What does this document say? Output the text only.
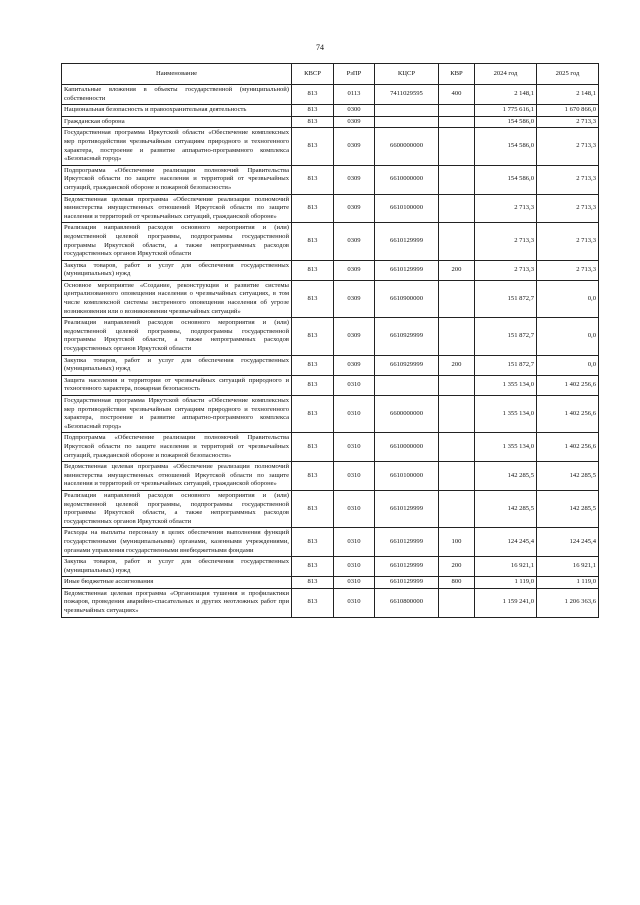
74
Наименование	КВСР	РзПР	КЦСР	КВР	2024 год	2025 год
Капитальные вложения в объекты государственной (муниципальной) собственности	813	0113	7411029595	400	2 148,1	2 148,1
Национальная безопасность и правоохранительная деятельность	813	0300			1 775 616,1	1 670 866,0
Гражданская оборона	813	0309			154 586,0	2 713,3
Государственная программа Иркутской области «Обеспечение комплексных мер противодействия чрезвычайным ситуациям природного и техногенного характера, построение и развитие аппаратно-программного комплекса «Безопасный город»	813	0309	6600000000		154 586,0	2 713,3
Подпрограмма «Обеспечение реализации полномочий Правительства Иркутской области по защите населения и территорий от чрезвычайных ситуаций, гражданской обороне и пожарной безопасности»	813	0309	6610000000		154 586,0	2 713,3
Ведомственная целевая программа «Обеспечение реализации полномочий министерства имущественных отношений Иркутской области по защите населения и территорий от чрезвычайных ситуаций, гражданской обороне»	813	0309	6610100000		2 713,3	2 713,3
Реализация направлений расходов основного мероприятия и (или) ведомственной целевой программы, подпрограммы государственной программы Иркутской области, а также непрограммных расходов государственных органов Иркутской области	813	0309	6610129999		2 713,3	2 713,3
Закупка товаров, работ и услуг для обеспечения государственных (муниципальных) нужд	813	0309	6610129999	200	2 713,3	2 713,3
Основное мероприятие «Создание, реконструкция и развитие системы централизованного оповещения населения о чрезвычайных ситуациях, в том числе комплексной системы экстренного оповещения населения об угрозе возникновения или о возникновении чрезвычайных ситуаций»	813	0309	6610900000		151 872,7	0,0
Реализация направлений расходов основного мероприятия и (или) ведомственной целевой программы, подпрограммы государственной программы Иркутской области, а также непрограммных расходов государственных органов Иркутской области	813	0309	6610929999		151 872,7	0,0
Закупка товаров, работ и услуг для обеспечения государственных (муниципальных) нужд	813	0309	6610929999	200	151 872,7	0,0
Защита населения и территории от чрезвычайных ситуаций природного и техногенного характера, пожарная безопасность	813	0310			1 355 134,0	1 402 256,6
Государственная программа Иркутской области «Обеспечение комплексных мер противодействия чрезвычайным ситуациям природного и техногенного характера, построение и развитие аппаратно-программного комплекса «Безопасный город»	813	0310	6600000000		1 355 134,0	1 402 256,6
Подпрограмма «Обеспечение реализации полномочий Правительства Иркутской области по защите населения и территорий от чрезвычайных ситуаций, гражданской обороне и пожарной безопасности»	813	0310	6610000000		1 355 134,0	1 402 256,6
Ведомственная целевая программа «Обеспечение реализации полномочий министерства имущественных отношений Иркутской области по защите населения и территорий от чрезвычайных ситуаций, гражданской обороне»	813	0310	6610100000		142 285,5	142 285,5
Реализация направлений расходов основного мероприятия и (или) ведомственной целевой программы, подпрограммы государственной программы Иркутской области, а также непрограммных расходов государственных органов Иркутской области	813	0310	6610129999		142 285,5	142 285,5
Расходы на выплаты персоналу в целях обеспечения выполнения функций государственными (муниципальными) органами, казенными учреждениями, органами управления государственными внебюджетными фондами	813	0310	6610129999	100	124 245,4	124 245,4
Закупка товаров, работ и услуг для обеспечения государственных (муниципальных) нужд	813	0310	6610129999	200	16 921,1	16 921,1
Иные бюджетные ассигнования	813	0310	6610129999	800	1 119,0	1 119,0
Ведомственная целевая программа «Организация тушения и профилактики пожаров, проведения аварийно-спасательных и других неотложных работ при чрезвычайных ситуациях»	813	0310	6610800000		1 159 241,0	1 206 363,6
